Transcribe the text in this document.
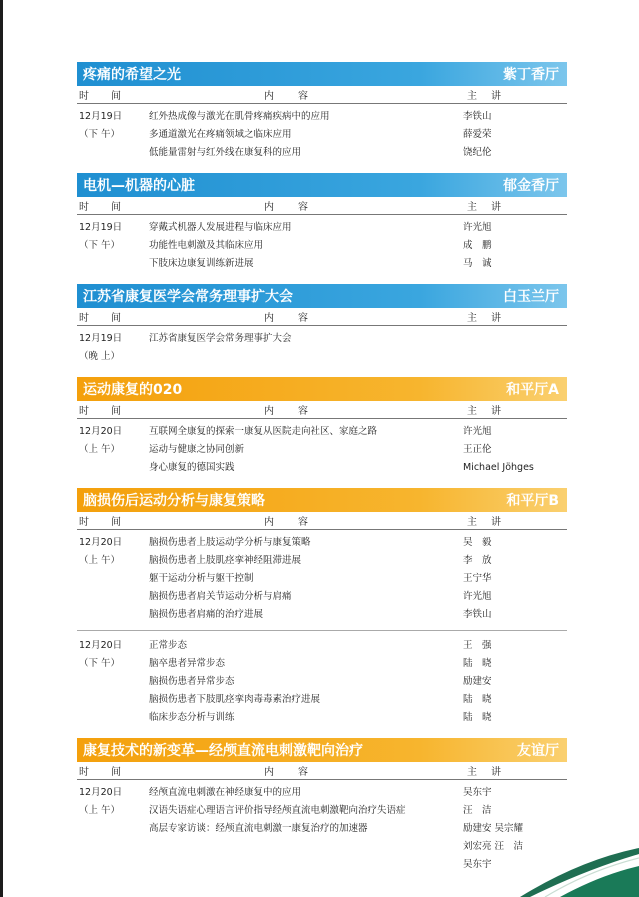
疼痛的希望之光	紫丁香厅
时间	内容	主讲
12月19日
（下 午）
红外热成像与激光在肌骨疼痛疾病中的应用	李铁山
多通道激光在疼痛领域之临床应用	薛爱荣
低能量雷射与红外线在康复科的应用	饶纪伦
电机—机器的心脏	郁金香厅
时间	内容	主讲
12月19日
（下 午）
穿戴式机器人发展进程与临床应用	许光旭
功能性电刺激及其临床应用	成　鹏
下肢床边康复训练新进展	马　诚
江苏省康复医学会常务理事扩大会	白玉兰厅
时间	内容	主讲
12月19日
（晚 上）
江苏省康复医学会常务理事扩大会
运动康复的020	和平厅A
时间	内容	主讲
12月20日
（上 午）
互联网全康复的探索一康复从医院走向社区、家庭之路	许光旭
运动与健康之协同创新	王正伦
身心康复的德国实践	Michael Jöhges
脑损伤后运动分析与康复策略	和平厅B
时间	内容	主讲
12月20日
（上 午）
脑损伤患者上肢运动学分析与康复策略	吴　毅
脑损伤患者上肢肌痉挛神经阻滞进展	李　放
躯干运动分析与躯干控制	王宁华
脑损伤患者肩关节运动分析与肩痛	许光旭
脑损伤患者肩痛的治疗进展	李铁山
12月20日
（下 午）
正常步态	王　强
脑卒患者异常步态	陆　晓
脑损伤患者异常步态	励建安
脑损伤患者下肢肌痉挛肉毒毒素治疗进展	陆　晓
临床步态分析与训练	陆　晓
康复技术的新变革—经颅直流电刺激靶向治疗	友谊厅
时间	内容	主讲
12月20日
（上 午）
经颅直流电刺激在神经康复中的应用	吴东宇
汉语失语症心理语言评价指导经颅直流电刺激靶向治疗失语症	汪　洁
高层专家访谈：经颅直流电刺激一康复治疗的加速器	励建安 吴宗耀
刘宏亮 汪　洁
吴东宇
